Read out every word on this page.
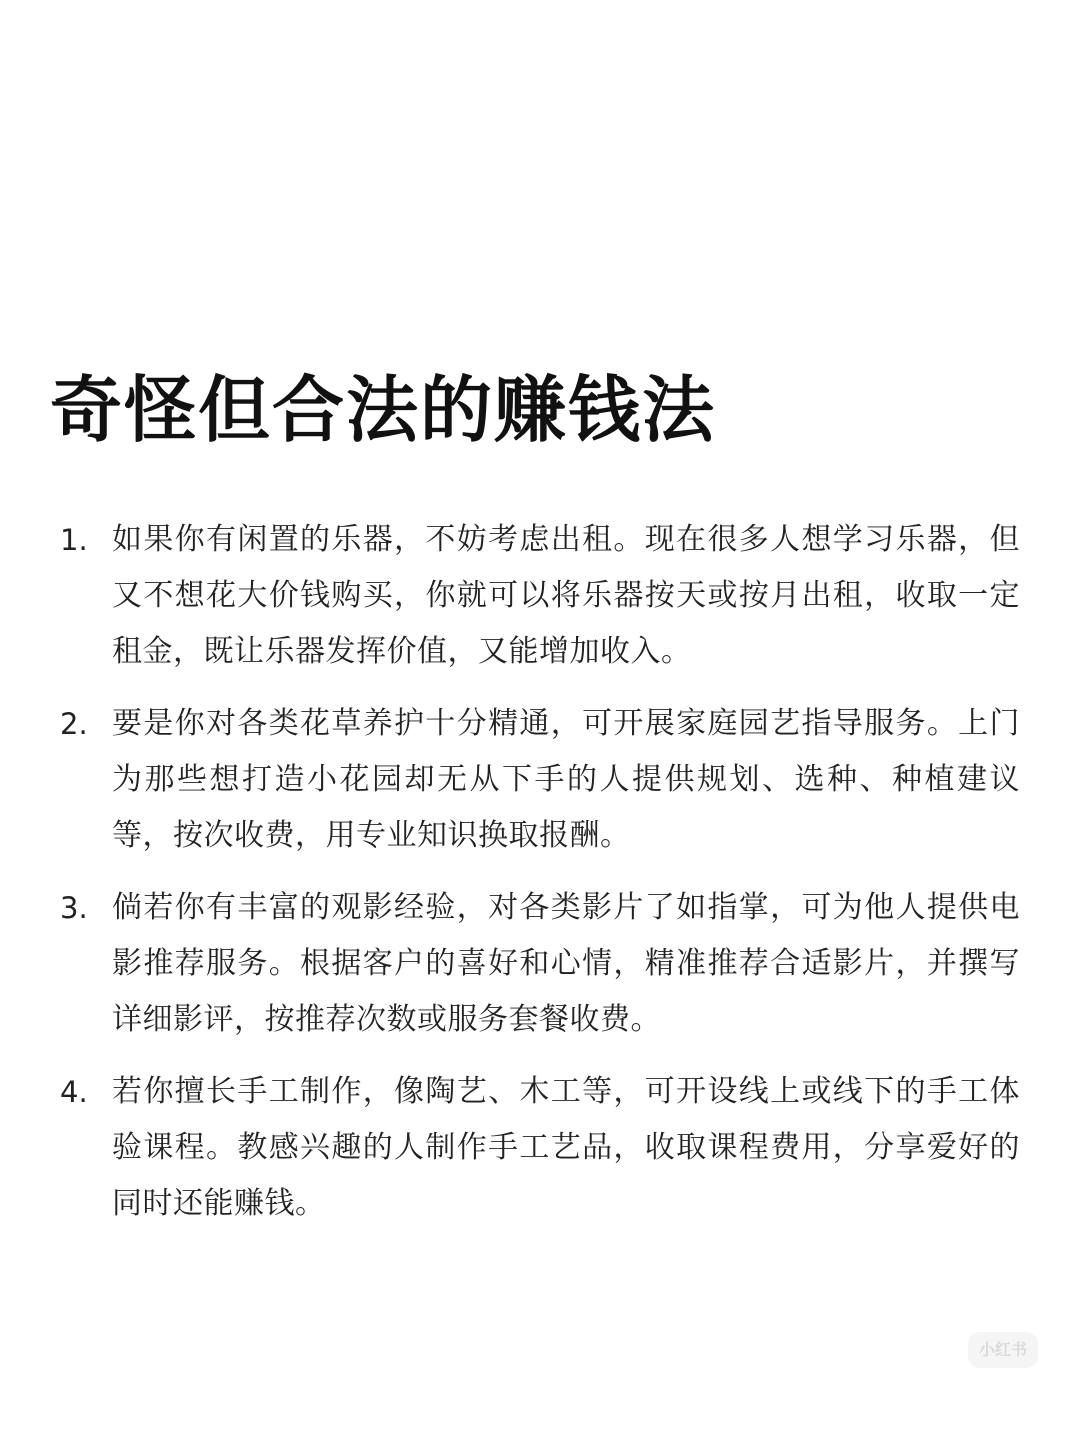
奇怪但合法的赚钱法
1. 如果你有闲置的乐器，不妨考虑出租。现在很多人想学习乐器，但又不想花大价钱购买，你就可以将乐器按天或按月出租，收取一定租金，既让乐器发挥价值，又能增加收入。
2. 要是你对各类花草养护十分精通，可开展家庭园艺指导服务。上门为那些想打造小花园却无从下手的人提供规划、选种、种植建议等，按次收费，用专业知识换取报酬。
3. 倘若你有丰富的观影经验，对各类影片了如指掌，可为他人提供电影推荐服务。根据客户的喜好和心情，精准推荐合适影片，并撰写详细影评，按推荐次数或服务套餐收费。
4. 若你擅长手工制作，像陶艺、木工等，可开设线上或线下的手工体验课程。教感兴趣的人制作手工艺品，收取课程费用，分享爱好的同时还能赚钱。
小红书
